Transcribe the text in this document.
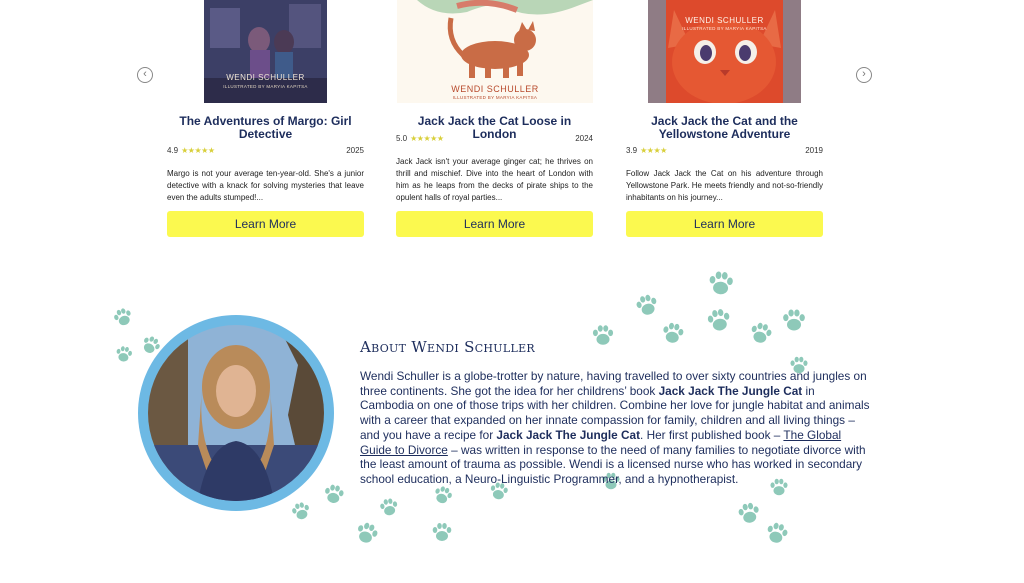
‹	›
WENDI SCHULLER
ILLUSTRATED BY MARYIA KAPITSA
The Adventures of Margo: Girl Detective
4.9 ★★★★★	2025
Margo is not your average ten-year-old. She's a junior detective with a knack for solving mysteries that leave even the adults stumped!...
Learn More
WENDI SCHULLER
ILLUSTRATED BY MARYIA KAPITSA
Jack Jack the Cat Loose in London
5.0 ★★★★★	2024
Jack Jack isn't your average ginger cat; he thrives on thrill and mischief. Dive into the heart of London with him as he leaps from the decks of pirate ships to the opulent halls of royal parties...
Learn More
WENDI SCHULLER
ILLUSTRATED BY MARYIA KAPITSA
Jack Jack the Cat and the Yellowstone Adventure
3.9 ★★★★	2019
Follow Jack Jack the Cat on his adventure through Yellowstone Park. He meets friendly and not-so-friendly inhabitants on his journey...
Learn More
About Wendi Schuller
Wendi Schuller is a globe-trotter by nature, having travelled to over sixty countries and jungles on three continents. She got the idea for her childrens’ book Jack Jack The Jungle Cat in Cambodia on one of those trips with her children. Combine her love for jungle habitat and animals with a career that expanded on her innate compassion for family, children and all living things – and you have a recipe for Jack Jack The Jungle Cat. Her first published book – The Global Guide to Divorce – was written in response to the need of many families to negotiate divorce with the least amount of trauma as possible. Wendi is a licensed nurse who has worked in secondary school education, a Neuro-Linguistic Programmer, and a hypnotherapist.
